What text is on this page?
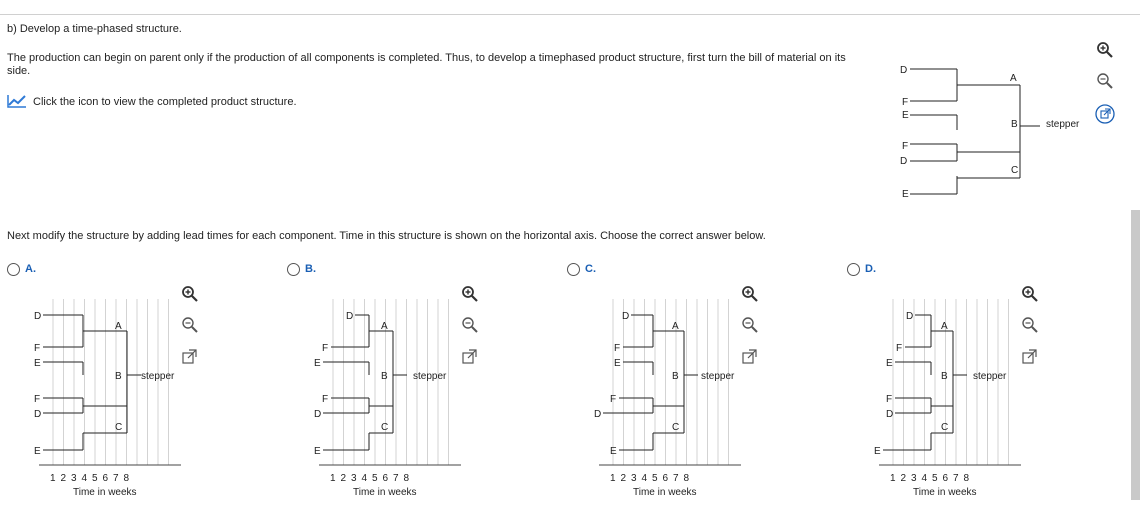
b) Develop a time-phased structure.
The production can begin on parent only if the production of all components is completed. Thus, to develop a timephased product structure, first turn the bill of material on its side.
Click the icon to view the completed product structure.
D
F
E
F
D
E
A
B
C
stepper
Next modify the structure by adding lead times for each component. Time in this structure is shown on the horizontal axis. Choose the correct answer below.
A.
D
F
E
F
D
E
A
B
C
stepper
1 2 3 4 5 6 7 8
Time in weeks
B.
D
F
E
F
D
E
A
B
C
stepper
1 2 3 4 5 6 7 8
Time in weeks
C.
D
F
E
F
D
E
A
B
C
stepper
1 2 3 4 5 6 7 8
Time in weeks
D.
D
F
E
F
D
E
A
B
C
stepper
1 2 3 4 5 6 7 8
Time in weeks
